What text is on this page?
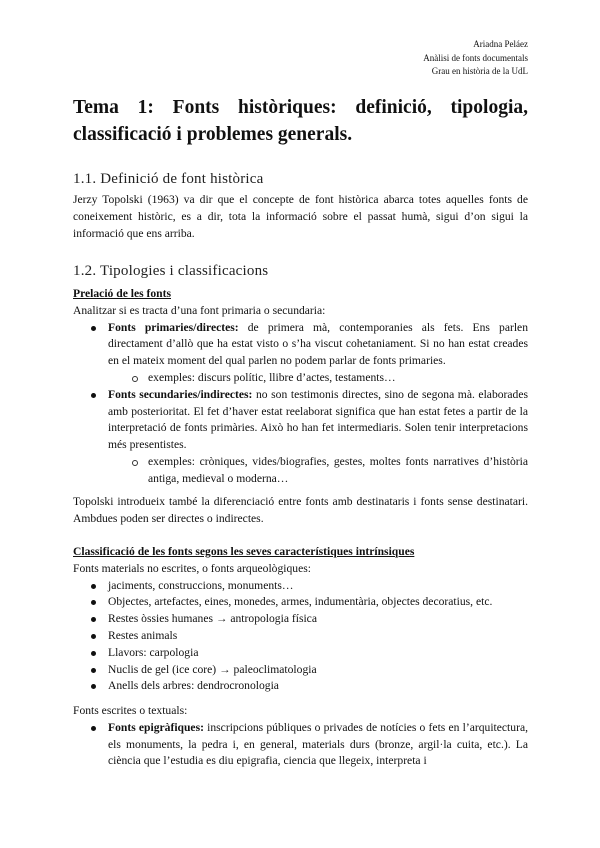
Ariadna Peláez
Anàlisi de fonts documentals
Grau en història de la UdL
Tema 1: Fonts històriques: definició, tipologia, classificació i problemes generals.
1.1. Definició de font històrica
Jerzy Topolski (1963) va dir que el concepte de font històrica abarca totes aquelles fonts de coneixement històric, es a dir, tota la informació sobre el passat humà, sigui d’on sigui la informació que ens arriba.
1.2. Tipologies i classificacions
Prelació de les fonts
Analitzar si es tracta d’una font primaria o secundaria:
Fonts primaries/directes: de primera mà, contemporanies als fets. Ens parlen directament d’allò que ha estat visto o s’ha viscut cohetaniament. Si no han estat creades en el mateix moment del qual parlen no podem parlar de fonts primaries.
exemples: discurs polític, llibre d’actes, testaments…
Fonts secundaries/indirectes: no son testimonis directes, sino de segona mà. elaborades amb posterioritat. El fet d’haver estat reelaborat significa que han estat fetes a partir de la interpretació de fonts primàries. Això ho han fet intermediaris. Solen tenir interpretacions més presentistes.
exemples: cròniques, vides/biografies, gestes, moltes fonts narratives d’història antiga, medieval o moderna…
Topolski introdueix també la diferenciació entre fonts amb destinataris i fonts sense destinatari. Ambdues poden ser directes o indirectes.
Classificació de les fonts segons les seves característiques intrínsiques
Fonts materials no escrites, o fonts arqueològiques:
jaciments, construccions, monuments…
Objectes, artefactes, eines, monedes, armes, indumentària, objectes decoratius, etc.
Restes òssies humanes → antropologia física
Restes animals
Llavors: carpologia
Nuclis de gel (ice core) → paleoclimatologia
Anells dels arbres: dendrocronologia
Fonts escrites o textuals:
Fonts epigràfiques: inscripcions públiques o privades de notícies o fets en l’arquitectura, els monuments, la pedra i, en general, materials durs (bronze, argil·la cuita, etc.). La ciència que l’estudia es diu epigrafia, ciencia que llegeix, interpreta i
